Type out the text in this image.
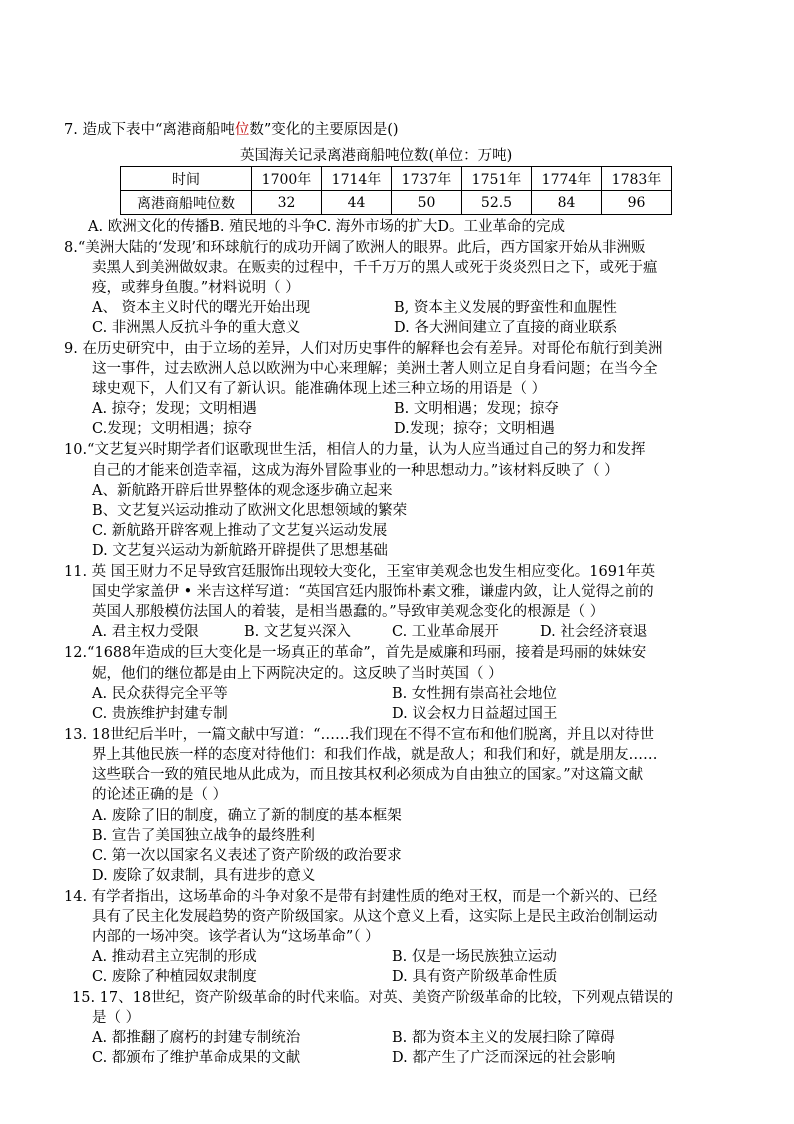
7. 造成下表中“离港商船吨位数”变化的主要原因是()
英国海关记录离港商船吨位数(单位：万吨)
时间	1700年	1714年	1737年	1751年	1774年	1783年
离港商船吨位数	32	44	50	52.5	84	96
A. 欧洲文化的传播B. 殖民地的斗争C. 海外市场的扩大D。工业革命的完成
8.“美洲大陆的‘发现’和环球航行的成功开阔了欧洲人的眼界。此后，西方国家开始从非洲贩
卖黑人到美洲做奴隶。在贩卖的过程中，千千万万的黑人或死于炎炎烈日之下，或死于瘟
疫，或葬身鱼腹。”材料说明（ ）
A、 资本主义时代的曙光开始出现	B, 资本主义发展的野蛮性和血腥性
C. 非洲黑人反抗斗争的重大意义	D. 各大洲间建立了直接的商业联系
9. 在历史研究中，由于立场的差异，人们对历史事件的解释也会有差异。对哥伦布航行到美洲
这一事件，过去欧洲人总以欧洲为中心来理解；美洲土著人则立足自身看问题；在当今全
球史观下，人们又有了新认识。能准确体现上述三种立场的用语是（ ）
A. 掠夺；发现；文明相遇	B. 文明相遇；发现；掠夺
C.发现；文明相遇；掠夺	D.发现；掠夺；文明相遇
10.“文艺复兴时期学者们讴歌现世生活，相信人的力量，认为人应当通过自己的努力和发挥
自己的才能来创造幸福，这成为海外冒险事业的一种思想动力。”该材料反映了（ ）
A、新航路开辟后世界整体的观念逐步确立起来
B、文艺复兴运动推动了欧洲文化思想领域的繁荣
C. 新航路开辟客观上推动了文艺复兴运动发展
D. 文艺复兴运动为新航路开辟提供了思想基础
11. 英 国王财力不足导致宫廷服饰出现较大变化，王室审美观念也发生相应变化。1691年英
国史学家盖伊 • 米吉这样写道：“英国宫廷内服饰朴素文雅，谦虚内敛，让人觉得之前的
英国人那般模仿法国人的着装，是相当愚蠢的。”导致审美观念变化的根源是（ ）
A. 君主权力受限	B. 文艺复兴深入	C. 工业革命展开	D. 社会经济衰退
12.“1688年造成的巨大变化是一场真正的革命”，首先是威廉和玛丽，接着是玛丽的妹妹安
妮，他们的继位都是由上下两院决定的。这反映了当时英国（ ）
A. 民众获得完全平等	B. 女性拥有崇高社会地位
C. 贵族维护封建专制	D. 议会权力日益超过国王
13. 18世纪后半叶，一篇文献中写道：“……我们现在不得不宣布和他们脱离，并且以对待世
界上其他民族一样的态度对待他们：和我们作战，就是敌人；和我们和好，就是朋友……
这些联合一致的殖民地从此成为，而且按其权利必须成为自由独立的国家。”对这篇文献
的论述正确的是（ ）
A. 废除了旧的制度，确立了新的制度的基本框架
B. 宣告了美国独立战争的最终胜利
C. 第一次以国家名义表述了资产阶级的政治要求
D. 废除了奴隶制，具有进步的意义
14. 有学者指出，这场革命的斗争对象不是带有封建性质的绝对王权，而是一个新兴的、已经
具有了民主化发展趋势的资产阶级国家。从这个意义上看，这实际上是民主政治创制运动
内部的一场冲突。该学者认为“这场革命”（ ）
A. 推动君主立宪制的形成	B. 仅是一场民族独立运动
C. 废除了种植园奴隶制度	D. 具有资产阶级革命性质
15. 17、18世纪，资产阶级革命的时代来临。对英、美资产阶级革命的比较，下列观点错误的
是（ ）
A. 都推翻了腐朽的封建专制统治	B. 都为资本主义的发展扫除了障碍
C. 都颁布了维护革命成果的文献	D. 都产生了广泛而深远的社会影响
